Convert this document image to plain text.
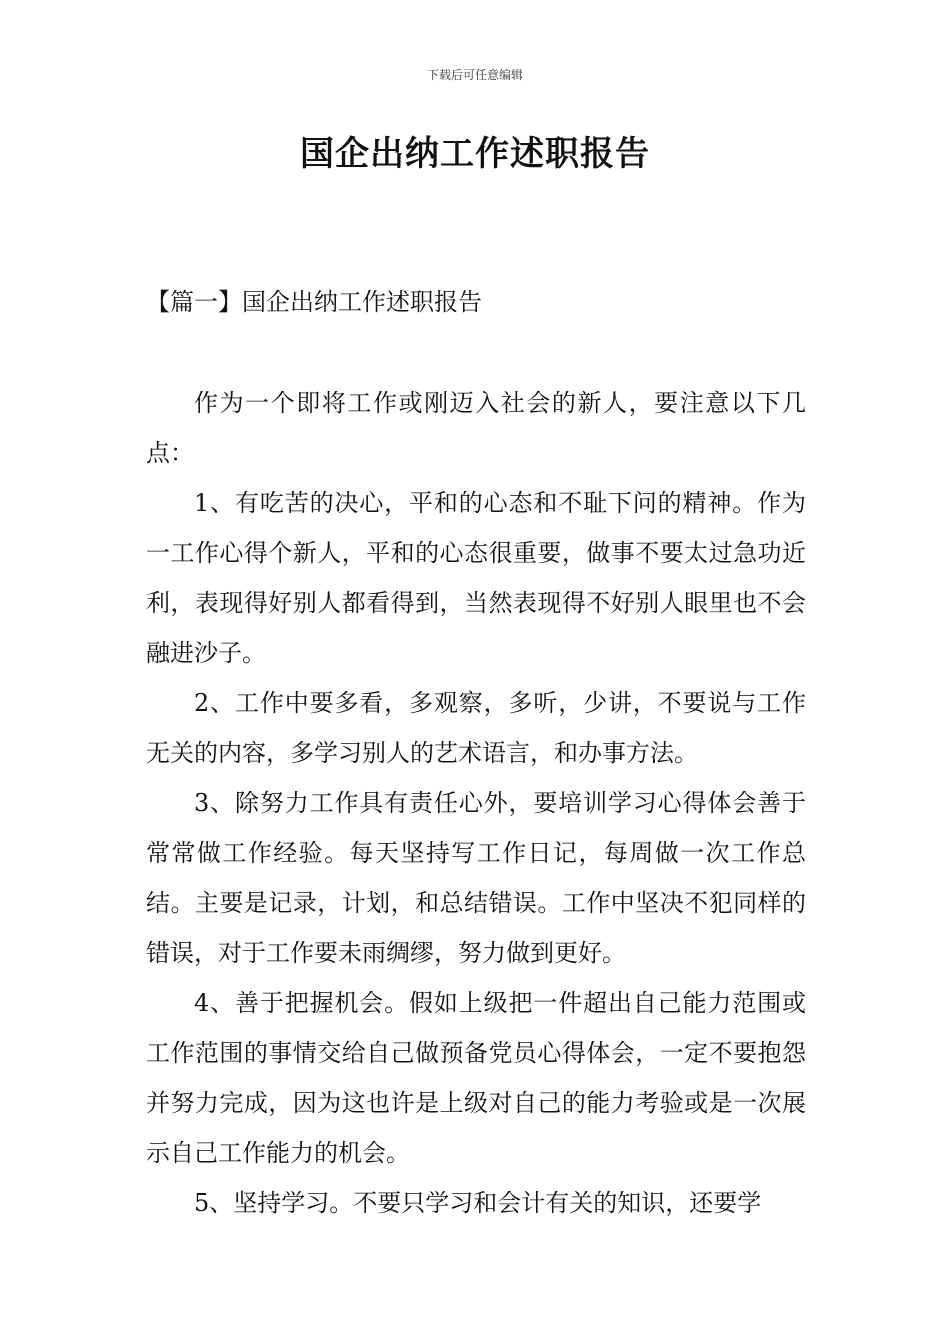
下载后可任意编辑
国企出纳工作述职报告
【篇一】国企出纳工作述职报告

作为一个即将工作或刚迈入社会的新人，要注意以下几点：

1、有吃苦的决心，平和的心态和不耻下问的精神。作为一工作心得个新人，平和的心态很重要，做事不要太过急功近利，表现得好别人都看得到，当然表现得不好别人眼里也不会融进沙子。

2、工作中要多看，多观察，多听，少讲，不要说与工作无关的内容，多学习别人的艺术语言，和办事方法。

3、除努力工作具有责任心外，要培训学习心得体会善于常常做工作经验。每天坚持写工作日记，每周做一次工作总结。主要是记录，计划，和总结错误。工作中坚决不犯同样的错误，对于工作要未雨绸缪，努力做到更好。

4、善于把握机会。假如上级把一件超出自己能力范围或工作范围的事情交给自己做预备党员心得体会，一定不要抱怨并努力完成，因为这也许是上级对自己的能力考验或是一次展示自己工作能力的机会。

5、坚持学习。不要只学习和会计有关的知识，还要学
